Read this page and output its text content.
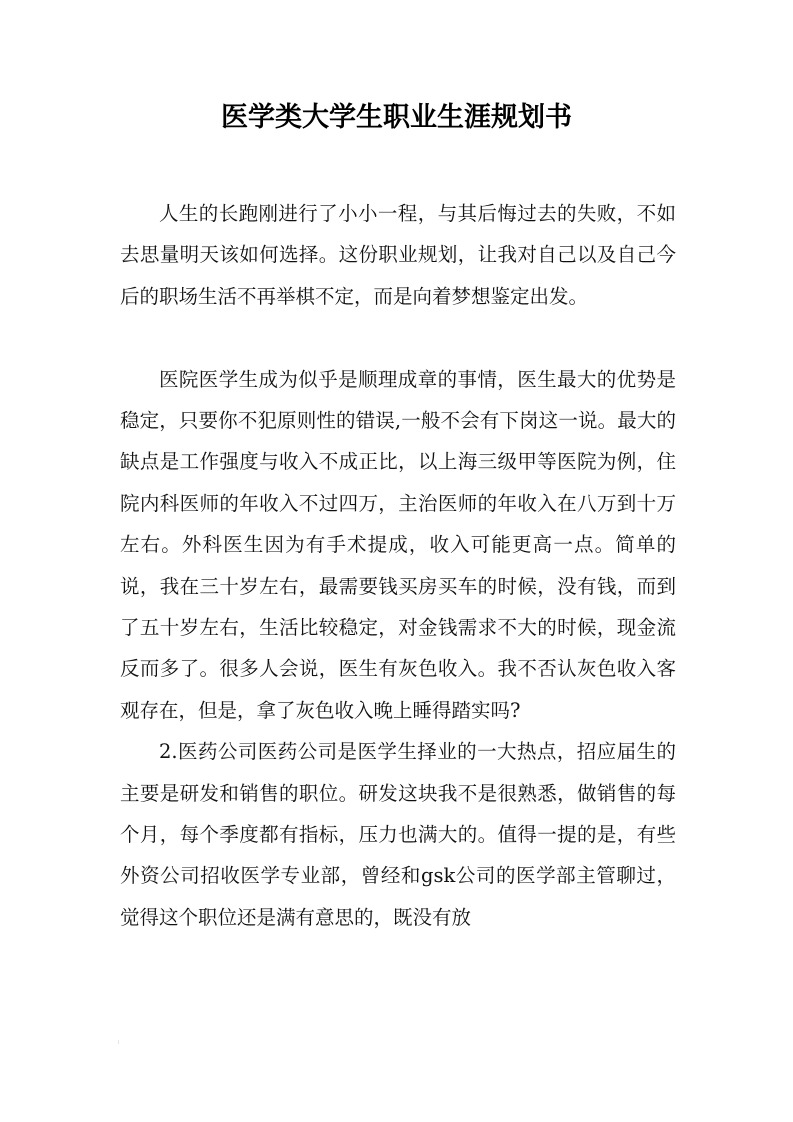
医学类大学生职业生涯规划书

人生的长跑刚进行了小小一程，与其后悔过去的失败，不如去思量明天该如何选择。这份职业规划，让我对自己以及自己今后的职场生活不再举棋不定，而是向着梦想鉴定出发。

医院医学生成为似乎是顺理成章的事情，医生最大的优势是稳定，只要你不犯原则性的错误,一般不会有下岗这一说。最大的缺点是工作强度与收入不成正比，以上海三级甲等医院为例，住院内科医师的年收入不过四万，主治医师的年收入在八万到十万左右。外科医生因为有手术提成，收入可能更高一点。简单的说，我在三十岁左右，最需要钱买房买车的时候，没有钱，而到了五十岁左右，生活比较稳定，对金钱需求不大的时候，现金流反而多了。很多人会说，医生有灰色收入。我不否认灰色收入客观存在，但是，拿了灰色收入晚上睡得踏实吗?

2.医药公司医药公司是医学生择业的一大热点，招应届生的主要是研发和销售的职位。研发这块我不是很熟悉，做销售的每个月，每个季度都有指标，压力也满大的。值得一提的是，有些外资公司招收医学专业部，曾经和gsk公司的医学部主管聊过，觉得这个职位还是满有意思的，既没有放
